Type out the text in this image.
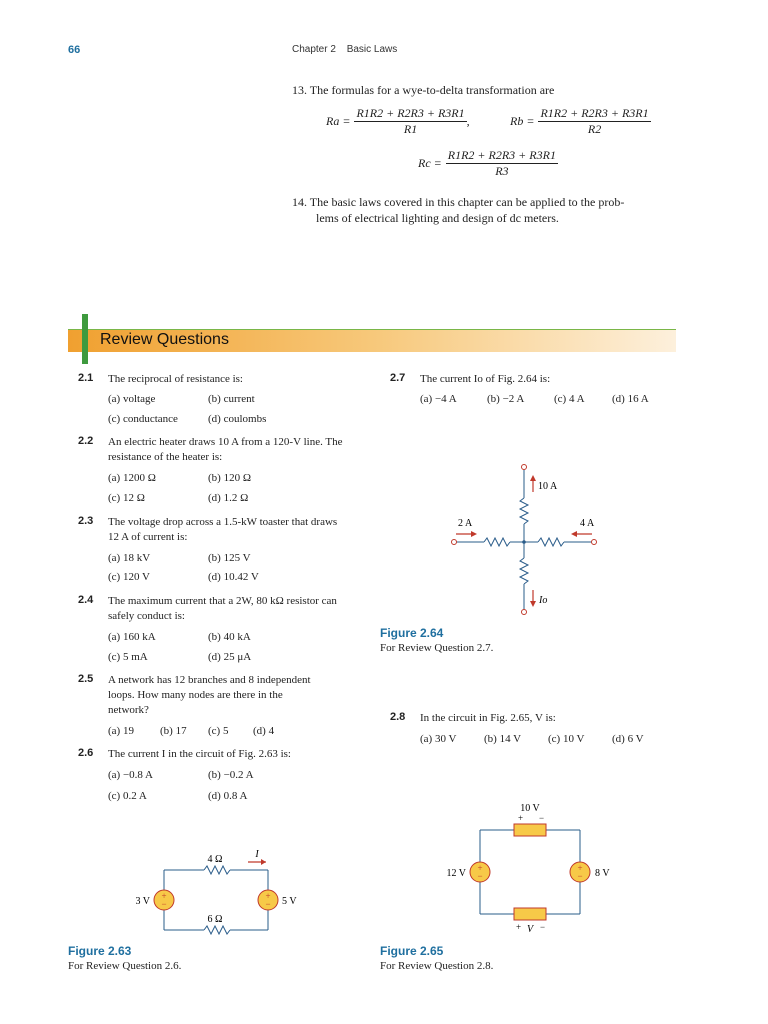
66	Chapter 2 Basic Laws
13. The formulas for a wye-to-delta transformation are
$Ra = \frac{R1R2 + R2R3 + R3R1}{R1}$ ,	$Rb = \frac{R1R2 + R2R3 + R3R1}{R2}$
$Rc = \frac{R1R2 + R2R3 + R3R1}{R3}$
14. The basic laws covered in this chapter can be applied to the prob-
lems of electrical lighting and design of dc meters.
Review Questions
2.1 The reciprocal of resistance is:
(a) voltage	(b) current
(c) conductance	(d) coulombs
2.2 An electric heater draws 10 A from a 120-V line. The
resistance of the heater is:
(a) 1200 Ω	(b) 120 Ω
(c) 12 Ω	(d) 1.2 Ω
2.3 The voltage drop across a 1.5-kW toaster that draws
12 A of current is:
(a) 18 kV	(b) 125 V
(c) 120 V	(d) 10.42 V
2.4 The maximum current that a 2W, 80 kΩ resistor can
safely conduct is:
(a) 160 kA	(b) 40 kA
(c) 5 mA	(d) 25 μA
2.5 A network has 12 branches and 8 independent
loops. How many nodes are there in the
network?
(a) 19 (b) 17 (c) 5 (d) 4
2.6 The current I in the circuit of Fig. 2.63 is:
(a) −0.8 A	(b) −0.2 A
(c) 0.2 A	(d) 0.8 A
+
−
+
−
4 Ω
6 Ω
I
3 V	5 V
Figure 2.63
For Review Question 2.6.
2.7 The current Io of Fig. 2.64 is:
(a) −4 A	(b) −2 A	(c) 4 A (d) 16 A
10 A
2 A	4 A
Io
Figure 2.64
For Review Question 2.7.
2.8 In the circuit in Fig. 2.65, V is:
(a) 30 V	(b) 14 V (c) 10 V	(d) 6 V
+
−
+
−
10 V
+ −
12 V	8 V
+ V −
Figure 2.65
For Review Question 2.8.
